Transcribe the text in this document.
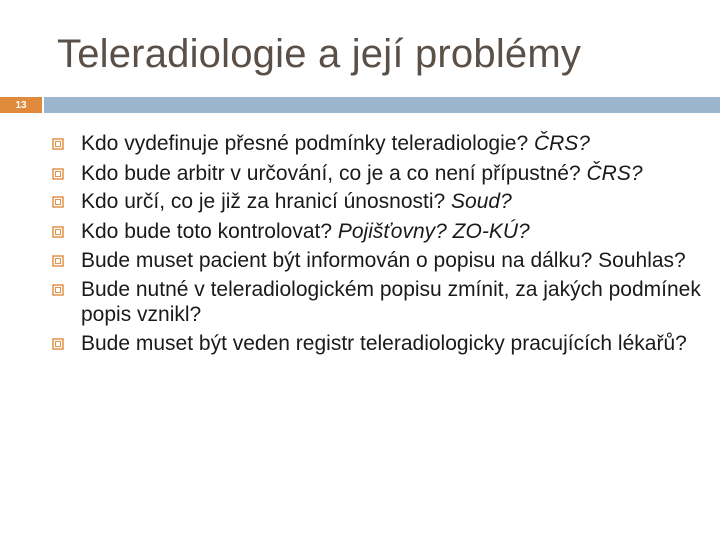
Teleradiologie a její problémy
13
Kdo vydefinuje přesné podmínky teleradiologie? ČRS?
Kdo bude arbitr v určování, co je a co není přípustné? ČRS?
Kdo určí, co je již za hranicí únosnosti? Soud?
Kdo bude toto kontrolovat? Pojišťovny? ZO-KÚ?
Bude muset pacient být informován o popisu na dálku? Souhlas?
Bude nutné v teleradiologickém popisu zmínit, za jakých podmínek popis vznikl?
Bude muset být veden registr teleradiologicky pracujících lékařů?
